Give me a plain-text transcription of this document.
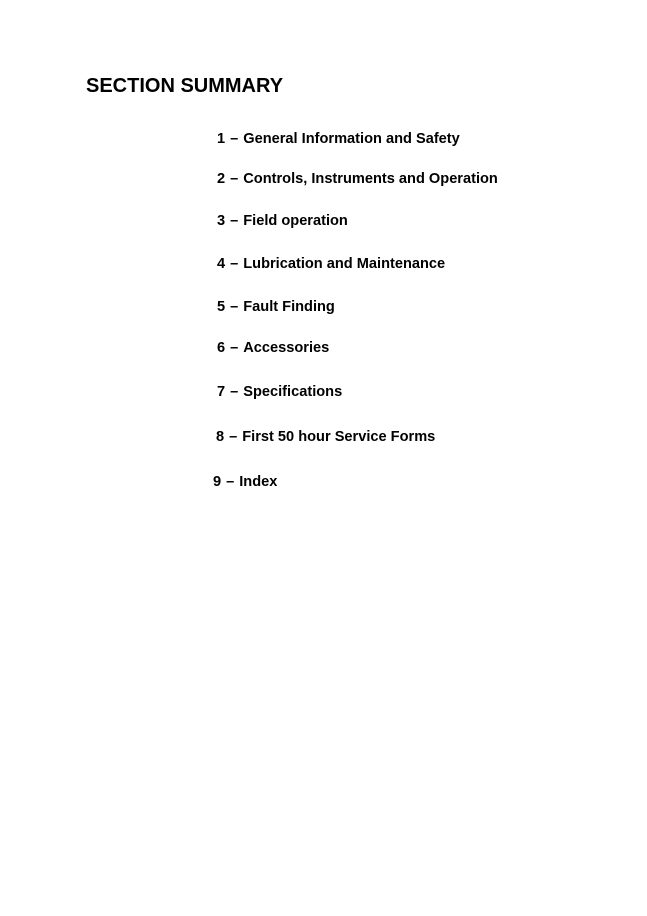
SECTION SUMMARY

1 – General Information and Safety

2 – Controls, Instruments and Operation

3 – Field operation

4 – Lubrication and Maintenance

5 – Fault Finding

6 – Accessories

7 – Specifications

8 – First 50 hour Service Forms

9 – Index
